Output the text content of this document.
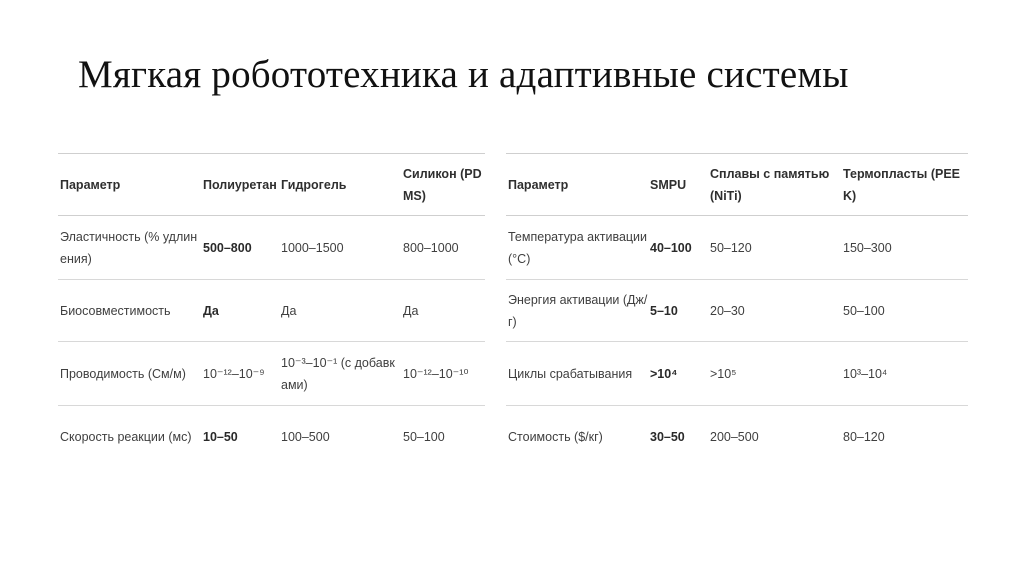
Мягкая робототехника и адаптивные системы
Параметр	Полиуретан	Гидрогель	Силикон (PDMS)
Эластичность (% удлинения)	500–800	1000–1500	800–1000
Биосовместимость	Да	Да	Да
Проводимость (См/м)	10⁻¹²–10⁻⁹	10⁻³–10⁻¹ (с добавками)	10⁻¹²–10⁻¹⁰
Скорость реакции (мс)	10–50	100–500	50–100
Параметр	SMPU	Сплавы с памятью (NiTi)	Термопласты (PEEK)
Температура активации (°C)	40–100	50–120	150–300
Энергия активации (Дж/г)	5–10	20–30	50–100
Циклы срабатывания	>10⁴	>10⁵	10³–10⁴
Стоимость ($/кг)	30–50	200–500	80–120
